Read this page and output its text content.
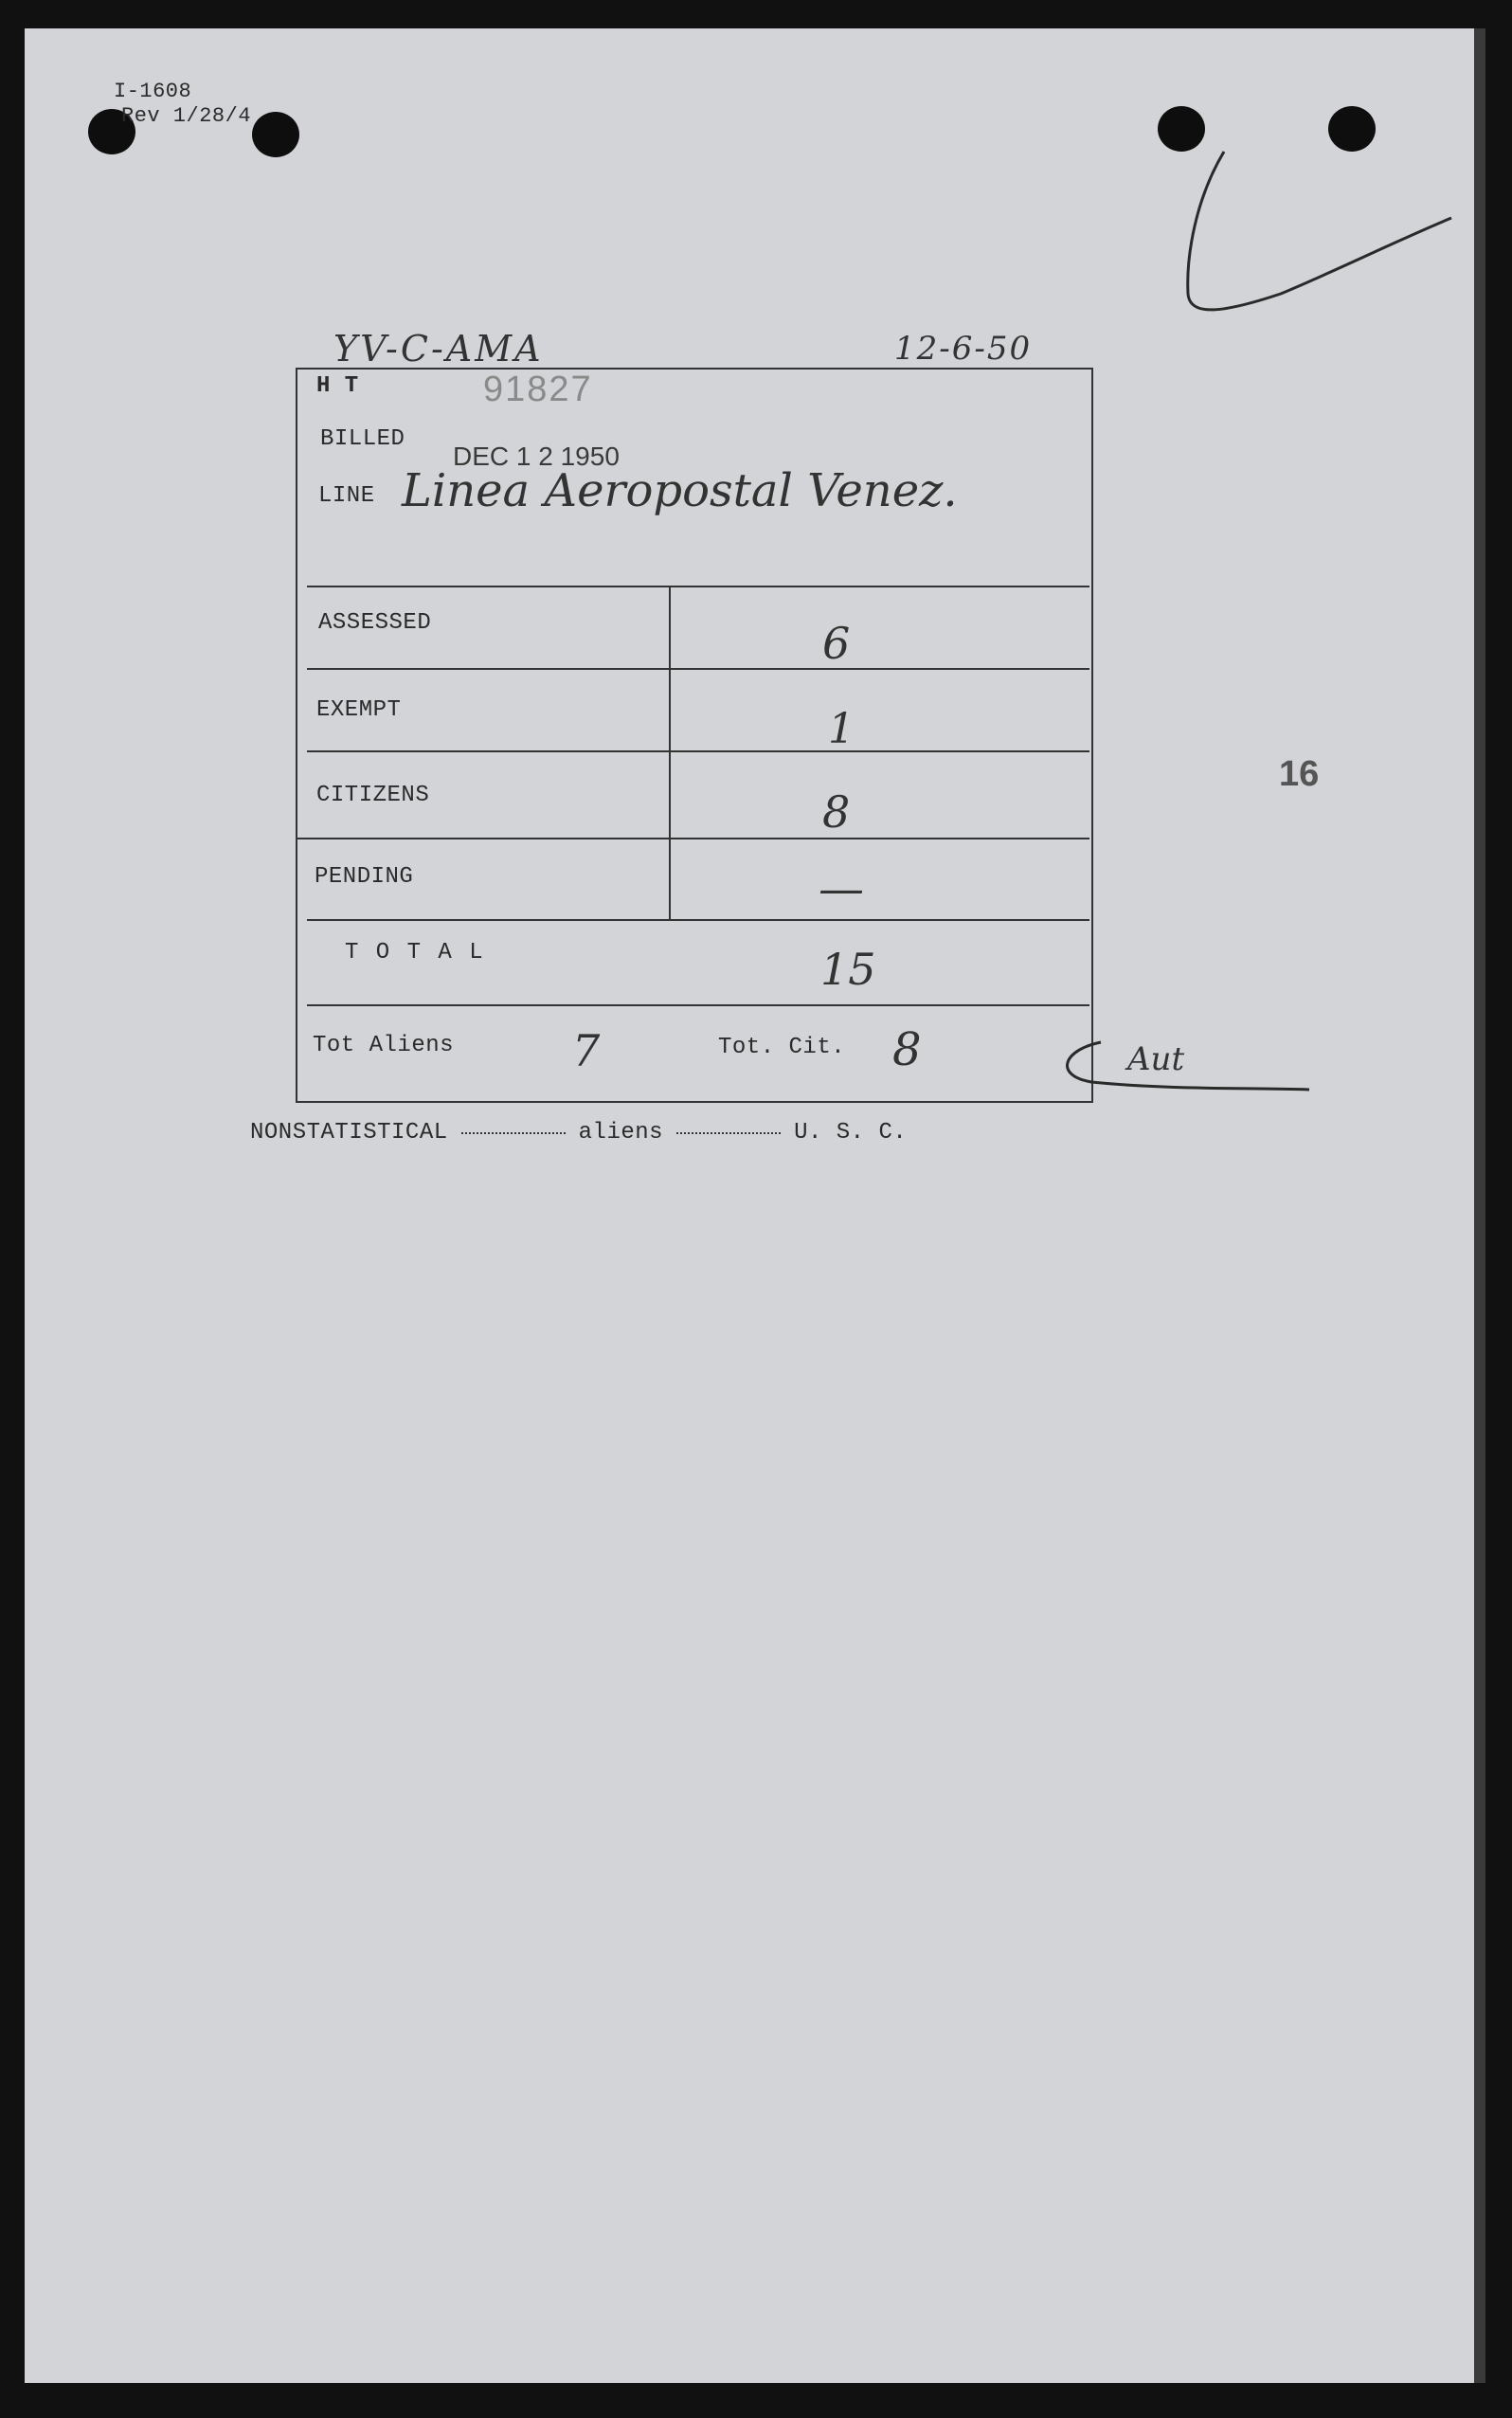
I-1608
Rev 1/28/4
YV-C-AMA	12-6-50
H T	91827
BILLED
DEC 1 2 1950
LINE Linea Aeropostal Venez.
ASSESSED	6
EXEMPT	1
CITIZENS	8
PENDING	—
T O T A L	15
Tot Aliens	7	Tot. Cit. 8	Aut
16
NONSTATISTICAL	aliens	U. S. C.
